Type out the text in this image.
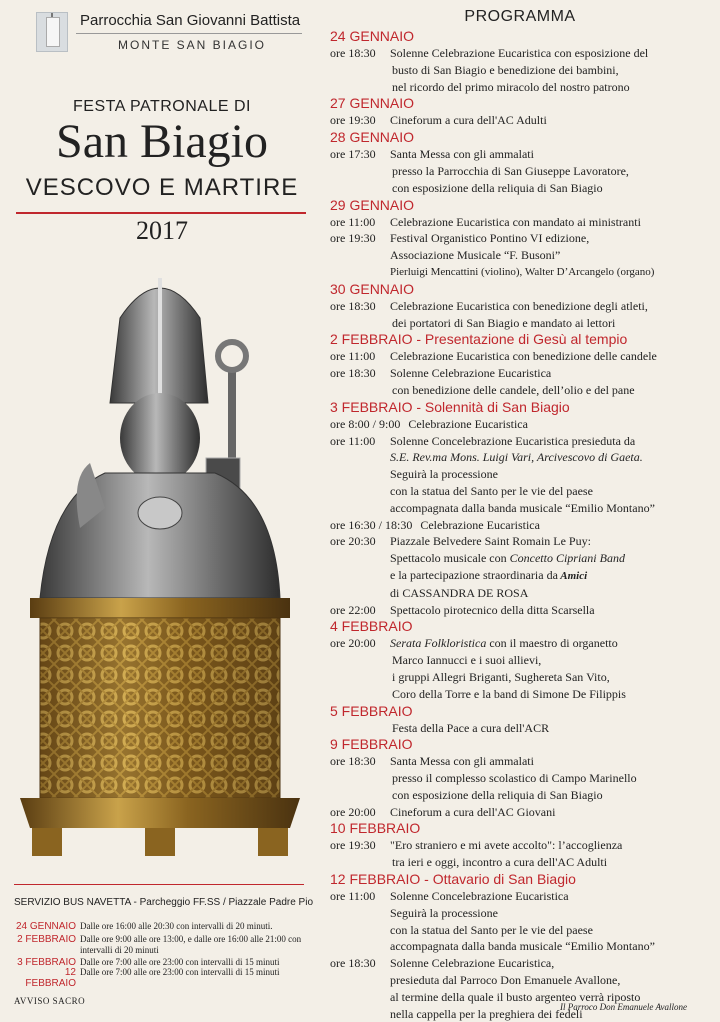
Parrocchia San Giovanni Battista
MONTE SAN BIAGIO
FESTA PATRONALE DI
San Biagio
VESCOVO E MARTIRE
2017
SERVIZIO BUS NAVETTA - Parcheggio FF.SS / Piazzale Padre Pio
24 GENNAIO Dalle ore 16:00 alle 20:30 con intervalli di 20 minuti.
2 FEBBRAIO Dalle ore 9:00 alle ore 13:00, e dalle ore 16:00 alle 21:00 con intervalli di 20 minuti
3 FEBBRAIO Dalle ore 7:00 alle ore 23:00 con intervalli di 15 minuti
12 FEBBRAIODalle ore 7:00 alle ore 23:00 con intervalli di 15 minuti
AVVISO SACRO
PROGRAMMA
24 GENNAIO
ore 18:30 Solenne Celebrazione Eucaristica con esposizione del
busto di San Biagio e benedizione dei bambini,
nel ricordo del primo miracolo del nostro patrono
27 GENNAIO
ore 19:30 Cineforum a cura dell'AC Adulti
28 GENNAIO
ore 17:30 Santa Messa con gli ammalati
presso la Parrocchia di San Giuseppe Lavoratore,
con esposizione della reliquia di San Biagio
29 GENNAIO
ore 11:00 Celebrazione Eucaristica con mandato ai ministranti
ore 19:30 Festival Organistico Pontino VI edizione,
Associazione Musicale “F. Busoni”
Pierluigi Mencattini (violino), Walter D’Arcangelo (organo)
30 GENNAIO
ore 18:30 Celebrazione Eucaristica con benedizione degli atleti,
dei portatori di San Biagio e mandato ai lettori
2 FEBBRAIO - Presentazione di Gesù al tempio
ore 11:00 Celebrazione Eucaristica con benedizione delle candele
ore 18:30 Solenne Celebrazione Eucaristica
con benedizione delle candele, dell’olio e del pane
3 FEBBRAIO - Solennità di San Biagio
ore 8:00 / 9:00 Celebrazione Eucaristica
ore 11:00 Solenne Concelebrazione Eucaristica presieduta da
S.E. Rev.ma Mons. Luigi Vari, Arcivescovo di Gaeta.
Seguirà la processione
con la statua del Santo per le vie del paese
accompagnata dalla banda musicale “Emilio Montano”
ore 16:30 / 18:30 Celebrazione Eucaristica
ore 20:30 Piazzale Belvedere Saint Romain Le Puy:
Spettacolo musicale con Concetto Cipriani Band
e la partecipazione straordinaria da Amici
di CASSANDRA DE ROSA
ore 22:00 Spettacolo pirotecnico della ditta Scarsella
4 FEBBRAIO
ore 20:00 Serata Folkloristica con il maestro di organetto
Marco Iannucci e i suoi allievi,
i gruppi Allegri Briganti, Sughereta San Vito,
Coro della Torre e la band di Simone De Filippis
5 FEBBRAIO
Festa della Pace a cura dell'ACR
9 FEBBRAIO
ore 18:30 Santa Messa con gli ammalati
presso il complesso scolastico di Campo Marinello
con esposizione della reliquia di San Biagio
ore 20:00 Cineforum a cura dell'AC Giovani
10 FEBBRAIO
ore 19:30 "Ero straniero e mi avete accolto": l’accoglienza
tra ieri e oggi, incontro a cura dell'AC Adulti
12 FEBBRAIO - Ottavario di San Biagio
ore 11:00 Solenne Concelebrazione Eucaristica
Seguirà la processione
con la statua del Santo per le vie del paese
accompagnata dalla banda musicale “Emilio Montano”
ore 18:30 Solenne Celebrazione Eucaristica,
presieduta dal Parroco Don Emanuele Avallone,
al termine della quale il busto argenteo verrà riposto
nella cappella per la preghiera dei fedeli
Il Parroco Don Emanuele Avallone
